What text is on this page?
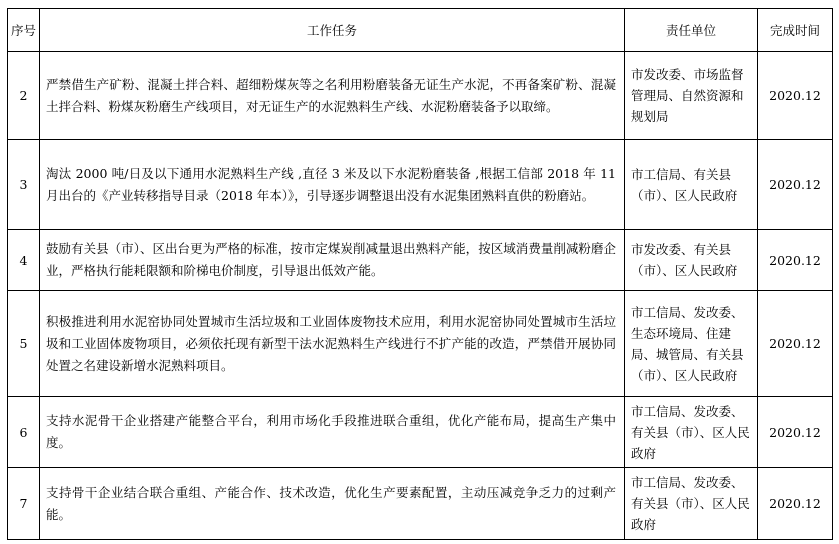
序号	工作任务	责任单位	完成时间
2	严禁借生产矿粉、混凝土拌合料、超细粉煤灰等之名利用粉磨装备无证生产水泥，不再备案矿粉、混凝土拌合料、粉煤灰粉磨生产线项目，对无证生产的水泥熟料生产线、水泥粉磨装备予以取缔。	市发改委、市场监督管理局、自然资源和规划局	2020.12
3	淘汰 2000 吨/日及以下通用水泥熟料生产线 ,直径 3 米及以下水泥粉磨装备 ,根据工信部 2018 年 11 月出台的《产业转移指导目录（2018 年本）》，引导逐步调整退出没有水泥集团熟料直供的粉磨站。	市工信局、有关县（市）、区人民政府	2020.12
4	鼓励有关县（市）、区出台更为严格的标准，按市定煤炭削减量退出熟料产能，按区域消费量削减粉磨企业，严格执行能耗限额和阶梯电价制度，引导退出低效产能。	市发改委、有关县（市）、区人民政府	2020.12
5	积极推进利用水泥窑协同处置城市生活垃圾和工业固体废物技术应用，利用水泥窑协同处置城市生活垃圾和工业固体废物项目，必须依托现有新型干法水泥熟料生产线进行不扩产能的改造，严禁借开展协同处置之名建设新增水泥熟料项目。	市工信局、发改委、生态环境局、住建局、城管局、有关县（市）、区人民政府	2020.12
6	支持水泥骨干企业搭建产能整合平台，利用市场化手段推进联合重组，优化产能布局，提高生产集中度。	市工信局、发改委、有关县（市）、区人民政府	2020.12
7	支持骨干企业结合联合重组、产能合作、技术改造，优化生产要素配置，主动压减竞争乏力的过剩产能。	市工信局、发改委、有关县（市）、区人民政府	2020.12
